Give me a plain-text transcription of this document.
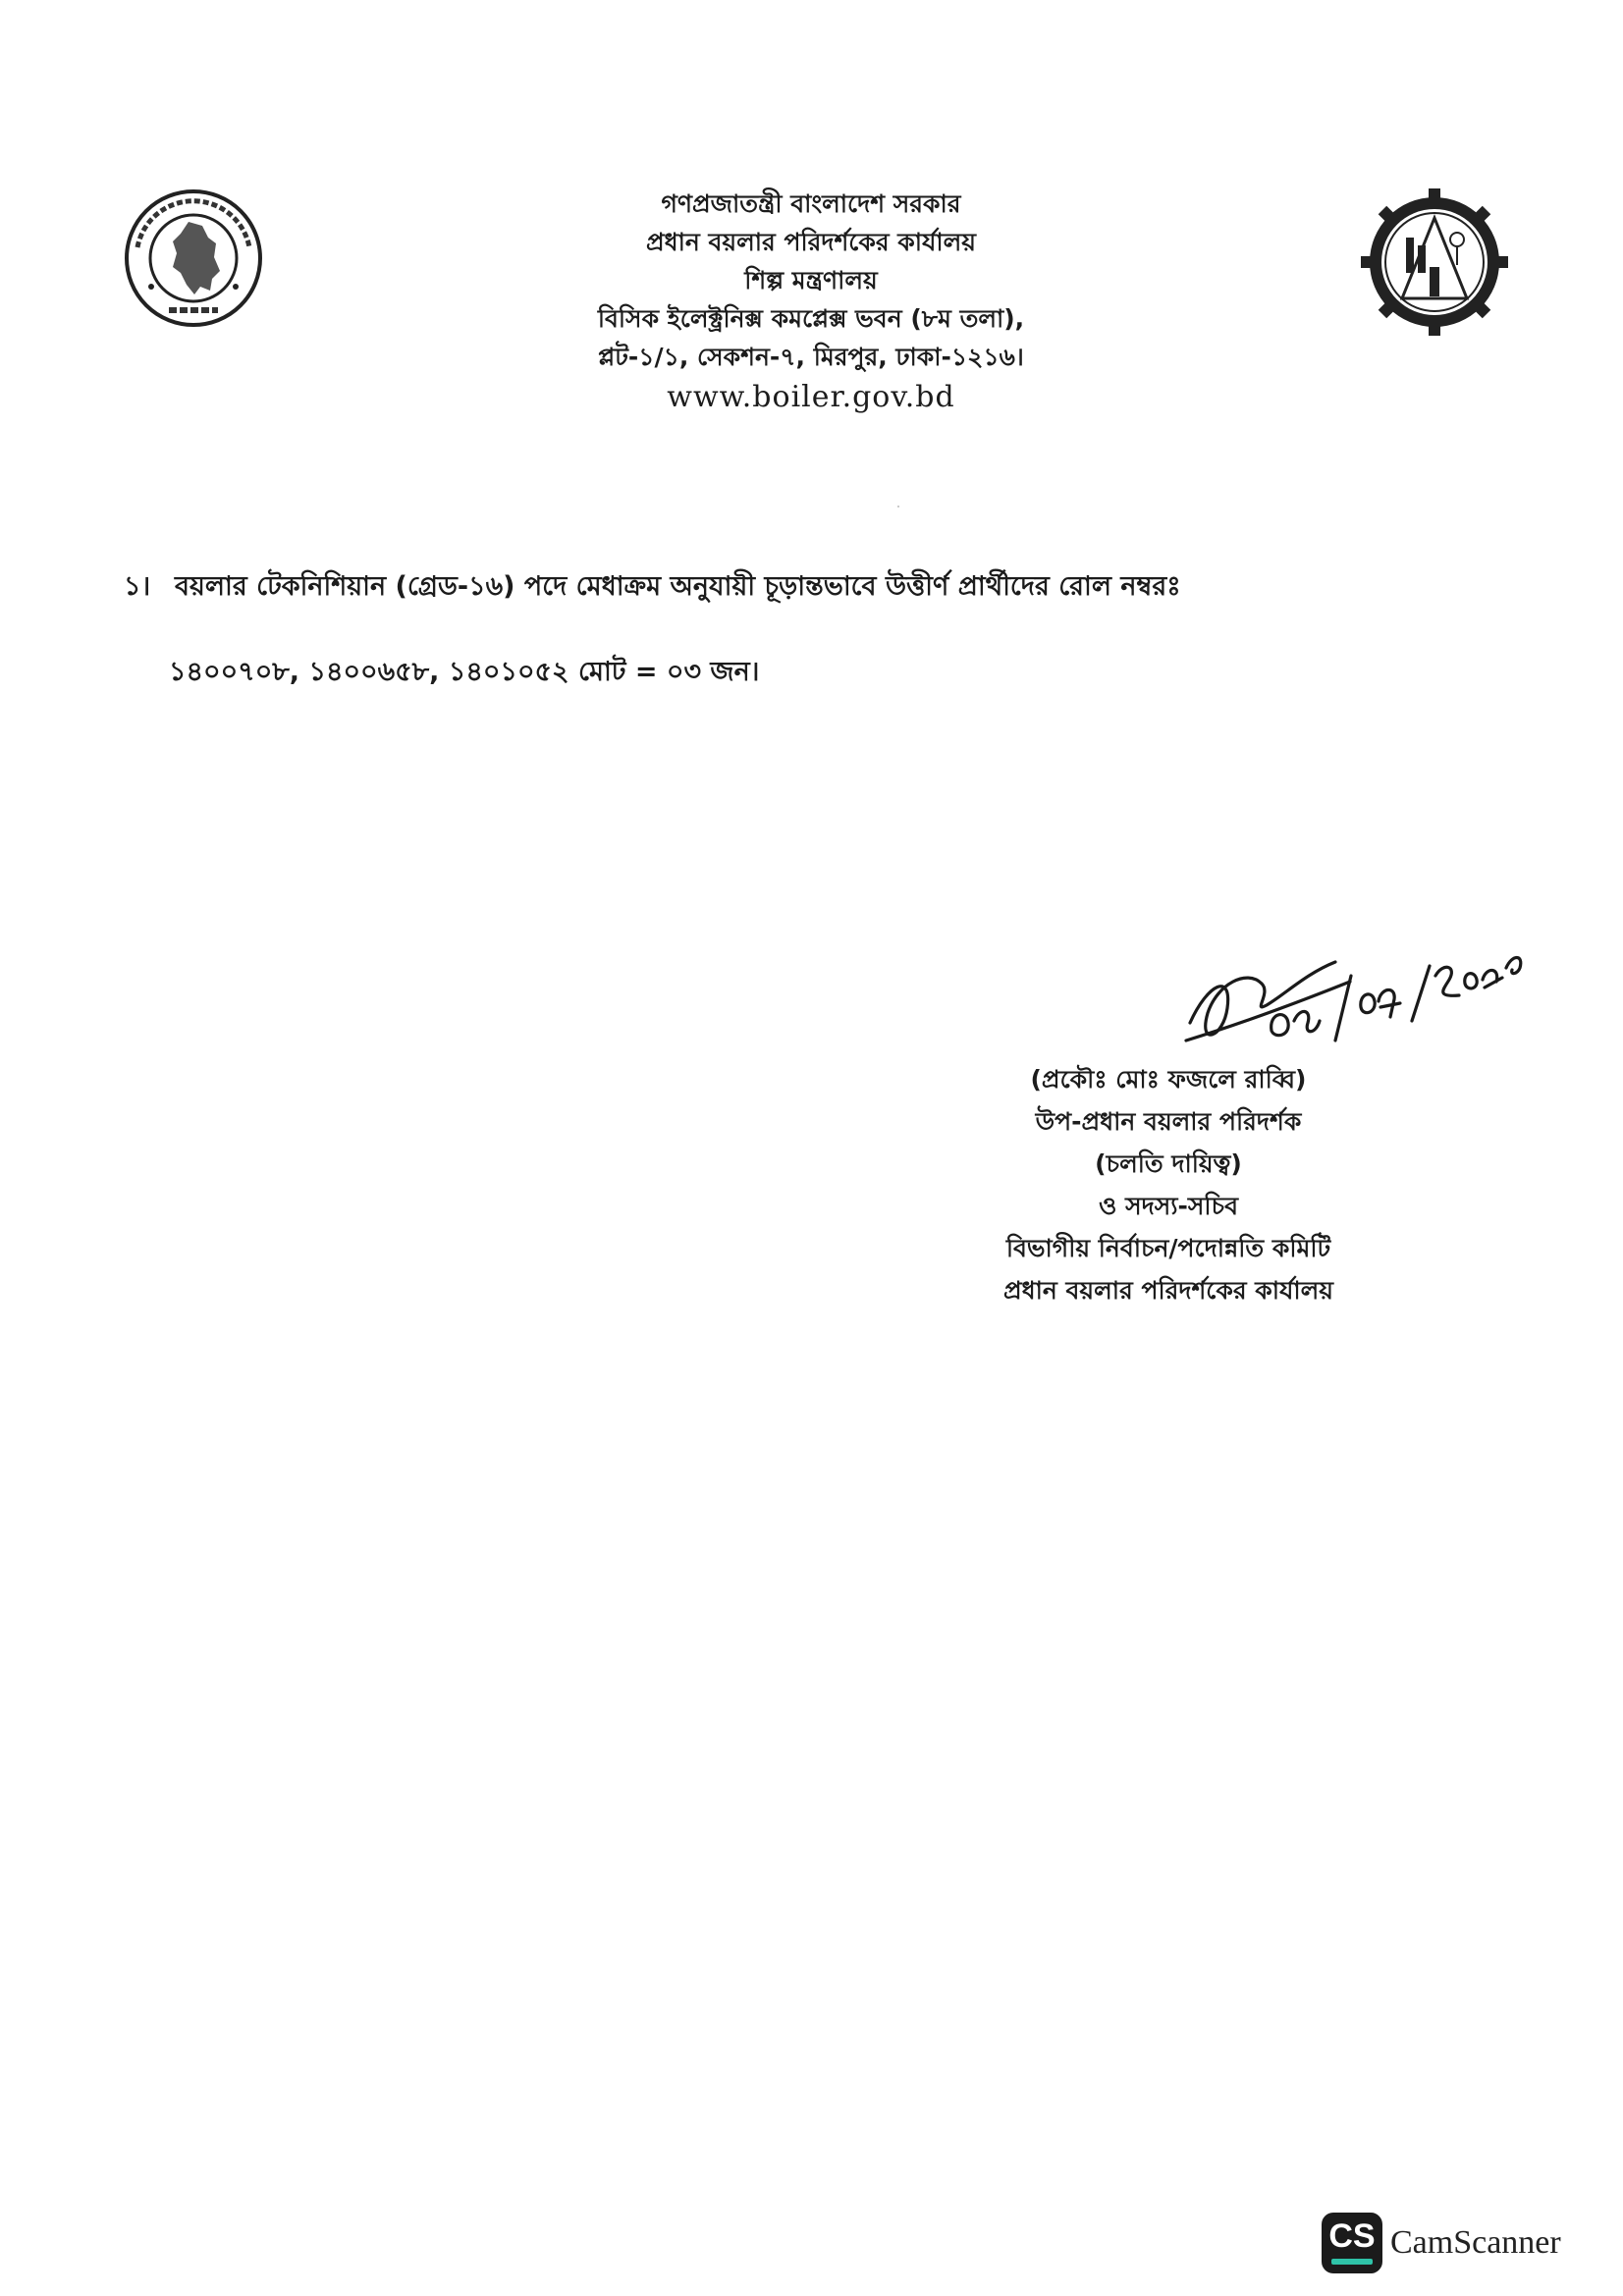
গণপ্রজাতন্ত্রী বাংলাদেশ সরকার
প্রধান বয়লার পরিদর্শকের কার্যালয়
শিল্প মন্ত্রণালয়
বিসিক ইলেক্ট্রনিক্স কমপ্লেক্স ভবন (৮ম তলা),
প্লট-১/১, সেকশন-৭, মিরপুর, ঢাকা-১২১৬।
www.boiler.gov.bd
১। বয়লার টেকনিশিয়ান (গ্রেড-১৬) পদে মেধাক্রম অনুযায়ী চূড়ান্তভাবে উত্তীর্ণ প্রার্থীদের রোল নম্বরঃ
১৪০০৭০৮, ১৪০০৬৫৮, ১৪০১০৫২ মোট = ০৩ জন।
০৫/০৪/২০২৪
(প্রকৌঃ মোঃ ফজলে রাব্বি)
উপ-প্রধান বয়লার পরিদর্শক
(চলতি দায়িত্ব)
ও সদস্য-সচিব
বিভাগীয় নির্বাচন/পদোন্নতি কমিটি
প্রধান বয়লার পরিদর্শকের কার্যালয়
CS CamScanner
